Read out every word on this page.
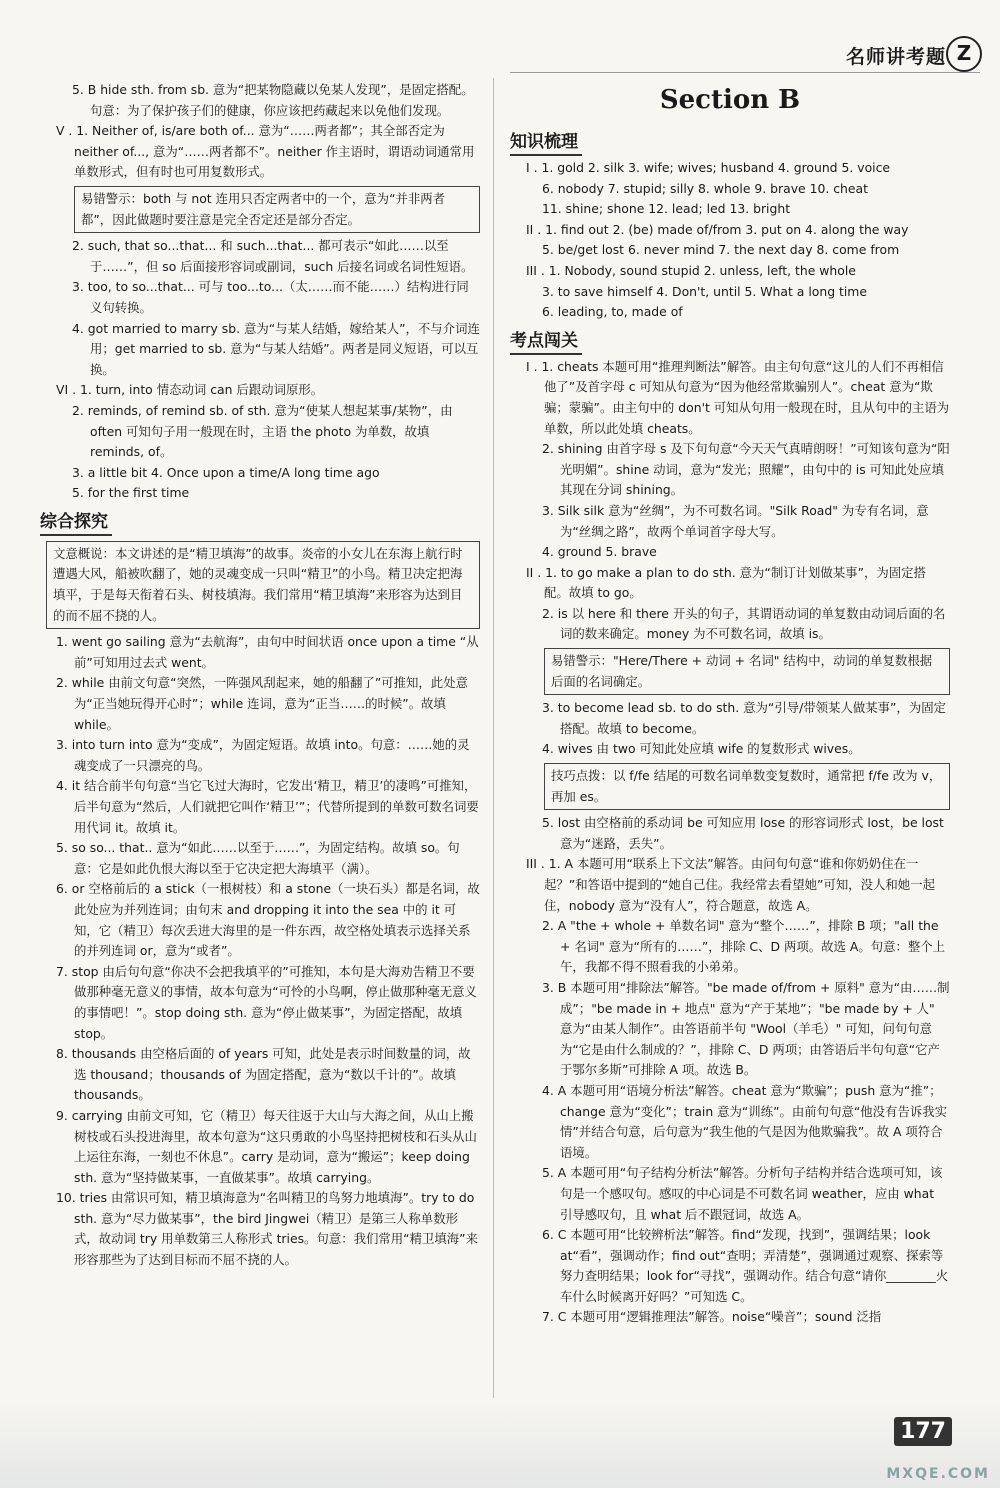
名师讲考题 Z
5. B hide sth. from sb. 意为“把某物隐藏以免某人发现”，是固定搭配。句意：为了保护孩子们的健康，你应该把药藏起来以免他们发现。
V . 1. Neither of, is/are both of... 意为“……两者都”；其全部否定为 neither of..., 意为“……两者都不”。neither 作主语时，谓语动词通常用单数形式，但有时也可用复数形式。
易错警示：both 与 not 连用只否定两者中的一个，意为“并非两者都”，因此做题时要注意是完全否定还是部分否定。
2. such, that so...that... 和 such...that... 都可表示“如此……以至于……”，但 so 后面接形容词或副词，such 后接名词或名词性短语。
3. too, to so...that... 可与 too...to...（太……而不能……）结构进行同义句转换。
4. got married to marry sb. 意为“与某人结婚，嫁给某人”，不与介词连用；get married to sb. 意为“与某人结婚”。两者是同义短语，可以互换。
VI . 1. turn, into 情态动词 can 后跟动词原形。
2. reminds, of remind sb. of sth. 意为“使某人想起某事/某物”，由 often 可知句子用一般现在时，主语 the photo 为单数，故填 reminds, of。
3. a little bit 4. Once upon a time/A long time ago
5. for the first time
综合探究
文意概说：本文讲述的是“精卫填海”的故事。炎帝的小女儿在东海上航行时遭遇大风，船被吹翻了，她的灵魂变成一只叫“精卫”的小鸟。精卫决定把海填平，于是每天衔着石头、树枝填海。我们常用“精卫填海”来形容为达到目的而不屈不挠的人。
1. went go sailing 意为“去航海”，由句中时间状语 once upon a time “从前”可知用过去式 went。
2. while 由前文句意“突然，一阵强风刮起来，她的船翻了”可推知，此处意为“正当她玩得开心时”；while 连词，意为“正当……的时候”。故填 while。
3. into turn into 意为“变成”，为固定短语。故填 into。句意：……她的灵魂变成了一只漂亮的鸟。
4. it 结合前半句句意“当它飞过大海时，它发出‘精卫，精卫’的凄鸣”可推知，后半句意为“然后，人们就把它叫作‘精卫’”；代替所提到的单数可数名词要用代词 it。故填 it。
5. so so... that.. 意为“如此……以至于……”，为固定结构。故填 so。句意：它是如此仇恨大海以至于它决定把大海填平（满）。
6. or 空格前后的 a stick（一根树枝）和 a stone（一块石头）都是名词，故此处应为并列连词；由句末 and dropping it into the sea 中的 it 可知，它（精卫）每次丢进大海里的是一件东西，故空格处填表示选择关系的并列连词 or，意为“或者”。
7. stop 由后句句意“你决不会把我填平的”可推知，本句是大海劝告精卫不要做那种毫无意义的事情，故本句意为“可怜的小鸟啊，停止做那种毫无意义的事情吧！”。stop doing sth. 意为“停止做某事”，为固定搭配，故填 stop。
8. thousands 由空格后面的 of years 可知，此处是表示时间数量的词，故选 thousand；thousands of 为固定搭配，意为“数以千计的”。故填 thousands。
9. carrying 由前文可知，它（精卫）每天往返于大山与大海之间，从山上搬树枝或石头投进海里，故本句意为“这只勇敢的小鸟坚持把树枝和石头从山上运往东海，一刻也不休息”。carry 是动词，意为“搬运”；keep doing sth. 意为“坚持做某事，一直做某事”。故填 carrying。
10. tries 由常识可知，精卫填海意为“名叫精卫的鸟努力地填海”。try to do sth. 意为“尽力做某事”，the bird Jingwei（精卫）是第三人称单数形式，故动词 try 用单数第三人称形式 tries。句意：我们常用“精卫填海”来形容那些为了达到目标而不屈不挠的人。
Section B
知识梳理
I . 1. gold 2. silk 3. wife; wives; husband 4. ground 5. voice
6. nobody 7. stupid; silly 8. whole 9. brave 10. cheat
11. shine; shone 12. lead; led 13. bright
II . 1. find out 2. (be) made of/from 3. put on 4. along the way
5. be/get lost 6. never mind 7. the next day 8. come from
III . 1. Nobody, sound stupid 2. unless, left, the whole
3. to save himself 4. Don't, until 5. What a long time
6. leading, to, made of
考点闯关
I . 1. cheats 本题可用“推理判断法”解答。由主句句意“这儿的人们不再相信他了”及首字母 c 可知从句意为“因为他经常欺骗别人”。cheat 意为“欺骗；蒙骗”。由主句中的 don't 可知从句用一般现在时，且从句中的主语为单数，所以此处填 cheats。
2. shining 由首字母 s 及下句句意“今天天气真晴朗呀！”可知该句意为“阳光明媚”。shine 动词，意为“发光；照耀”，由句中的 is 可知此处应填其现在分词 shining。
3. Silk silk 意为“丝绸”，为不可数名词。"Silk Road" 为专有名词，意为“丝绸之路”，故两个单词首字母大写。
4. ground 5. brave
II . 1. to go make a plan to do sth. 意为“制订计划做某事”，为固定搭配。故填 to go。
2. is 以 here 和 there 开头的句子，其谓语动词的单复数由动词后面的名词的数来确定。money 为不可数名词，故填 is。
易错警示："Here/There + 动词 + 名词" 结构中，动词的单复数根据后面的名词确定。
3. to become lead sb. to do sth. 意为“引导/带领某人做某事”，为固定搭配。故填 to become。
4. wives 由 two 可知此处应填 wife 的复数形式 wives。
技巧点拨：以 f/fe 结尾的可数名词单数变复数时，通常把 f/fe 改为 v，再加 es。
5. lost 由空格前的系动词 be 可知应用 lose 的形容词形式 lost，be lost 意为“迷路，丢失”。
III . 1. A 本题可用“联系上下文法”解答。由问句句意“谁和你奶奶住在一起？”和答语中提到的“她自己住。我经常去看望她”可知，没人和她一起住，nobody 意为“没有人”，符合题意，故选 A。
2. A "the + whole + 单数名词" 意为“整个……”，排除 B 项；"all the + 名词" 意为“所有的……”，排除 C、D 两项。故选 A。句意：整个上午，我都不得不照看我的小弟弟。
3. B 本题可用“排除法”解答。"be made of/from + 原料" 意为“由……制成”；"be made in + 地点" 意为“产于某地”；"be made by + 人" 意为“由某人制作”。由答语前半句 "Wool（羊毛）" 可知，问句句意为“它是由什么制成的？”，排除 C、D 两项；由答语后半句句意“它产于鄂尔多斯”可排除 A 项。故选 B。
4. A 本题可用“语境分析法”解答。cheat 意为“欺骗”；push 意为“推”；change 意为“变化”；train 意为“训练”。由前句句意“他没有告诉我实情”并结合句意，后句意为“我生他的气是因为他欺骗我”。故 A 项符合语境。
5. A 本题可用“句子结构分析法”解答。分析句子结构并结合选项可知，该句是一个感叹句。感叹的中心词是不可数名词 weather，应由 what 引导感叹句，且 what 后不跟冠词，故选 A。
6. C 本题可用“比较辨析法”解答。find“发现，找到”，强调结果；look at“看”，强调动作；find out“查明；弄清楚”，强调通过观察、探索等努力查明结果；look for“寻找”，强调动作。结合句意“请你________火车什么时候离开好吗？”可知选 C。
7. C 本题可用“逻辑推理法”解答。noise“噪音”；sound 泛指
177
MXQE.COM
